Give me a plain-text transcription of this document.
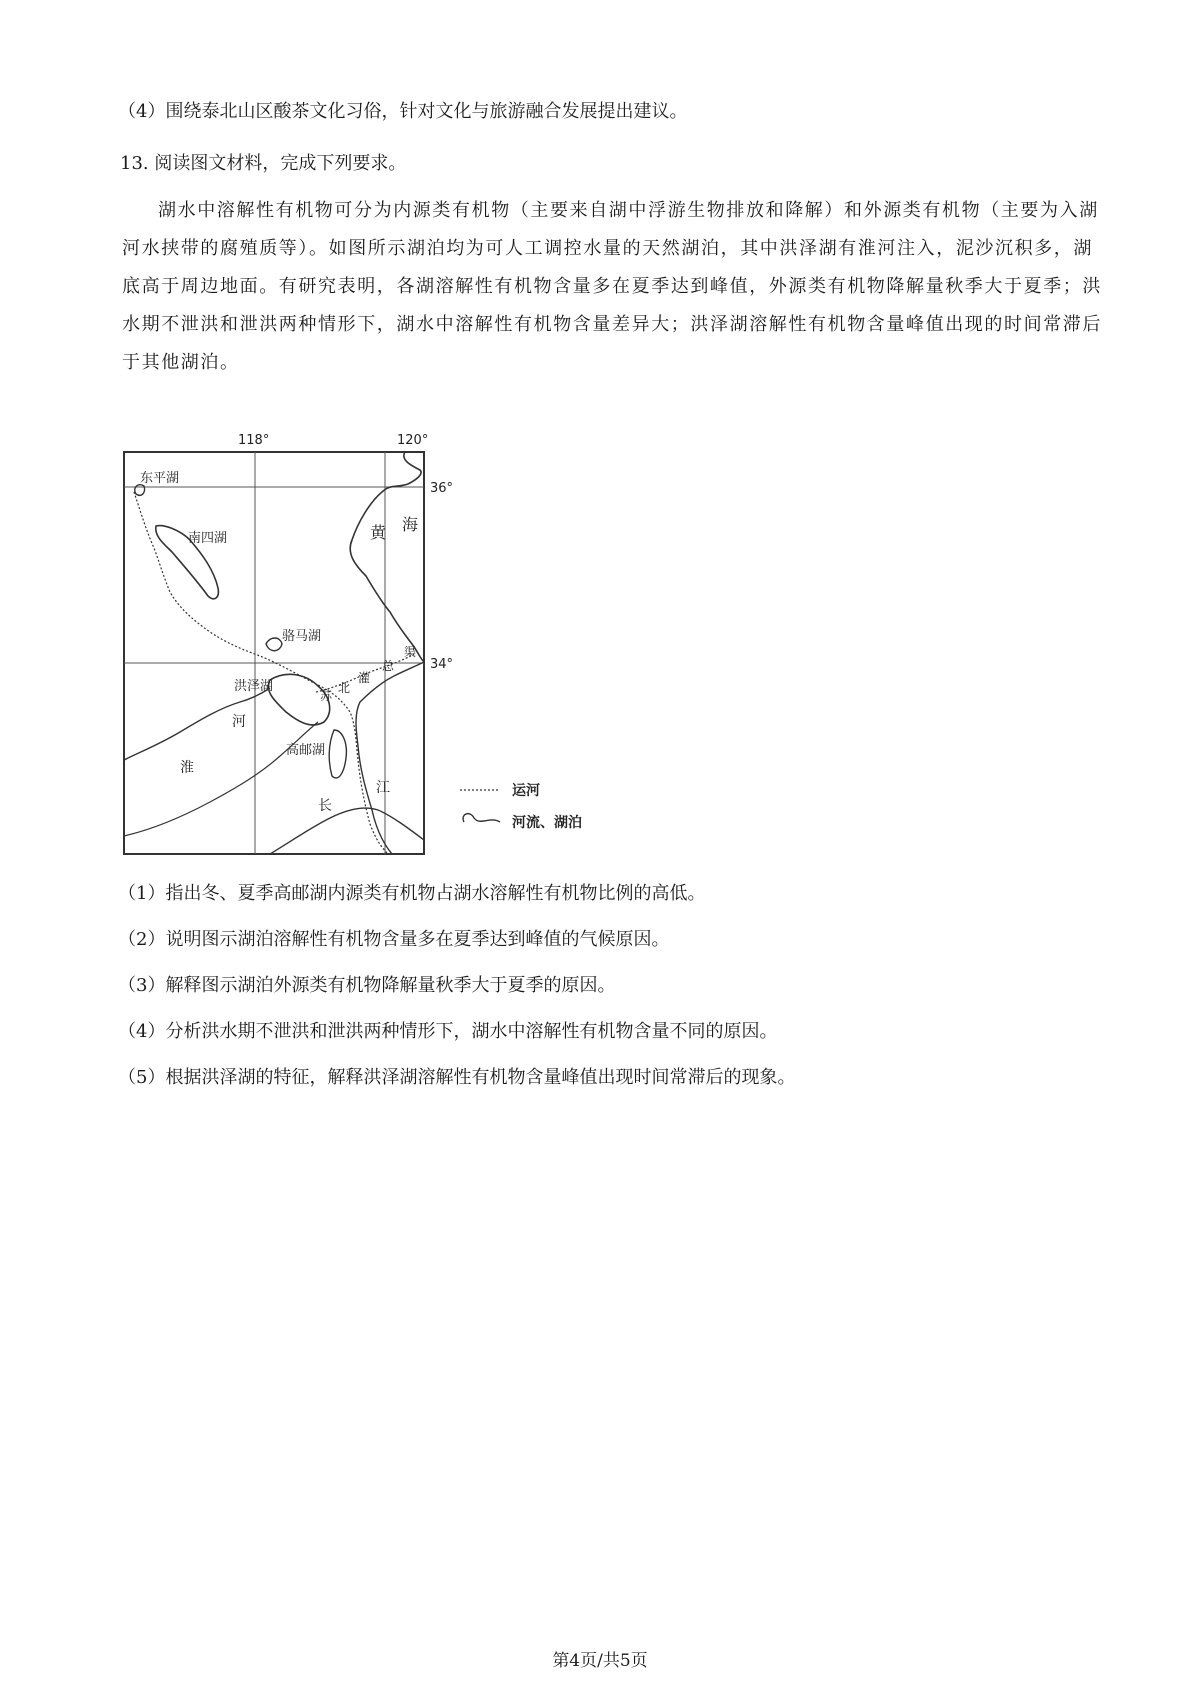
（4）围绕泰北山区酸茶文化习俗，针对文化与旅游融合发展提出建议。
13. 阅读图文材料，完成下列要求。
湖水中溶解性有机物可分为内源类有机物（主要来自湖中浮游生物排放和降解）和外源类有机物（主要为入湖河水挟带的腐殖质等）。如图所示湖泊均为可人工调控水量的天然湖泊，其中洪泽湖有淮河注入，泥沙沉积多，湖底高于周边地面。有研究表明，各湖溶解性有机物含量多在夏季达到峰值，外源类有机物降解量秋季大于夏季；洪水期不泄洪和泄洪两种情形下，湖水中溶解性有机物含量差异大；洪泽湖溶解性有机物含量峰值出现的时间常滞后于其他湖泊。
118°	120°
36°
34°
东平湖
南四湖
骆马湖
洪泽湖
高邮湖
淮
河
长
江
黄 海
苏
北
灌
总
渠
运河
河流、湖泊
（1）指出冬、夏季高邮湖内源类有机物占湖水溶解性有机物比例的高低。
（2）说明图示湖泊溶解性有机物含量多在夏季达到峰值的气候原因。
（3）解释图示湖泊外源类有机物降解量秋季大于夏季的原因。
（4）分析洪水期不泄洪和泄洪两种情形下，湖水中溶解性有机物含量不同的原因。
（5）根据洪泽湖的特征，解释洪泽湖溶解性有机物含量峰值出现时间常滞后的现象。
第4页/共5页
